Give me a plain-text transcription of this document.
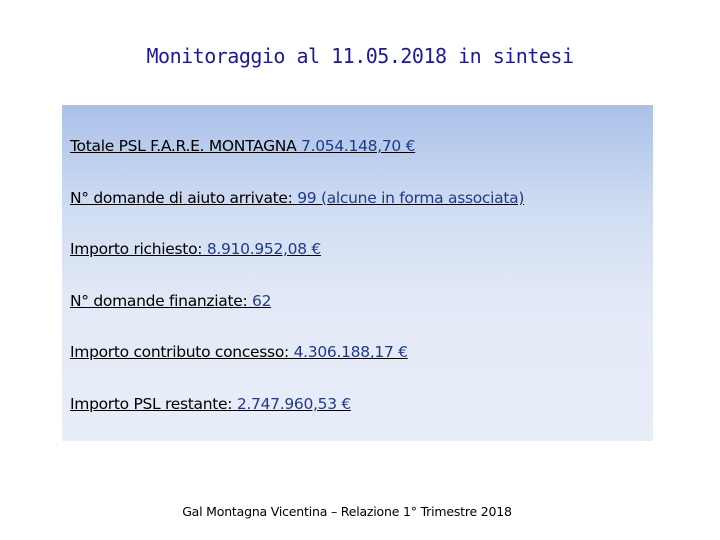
Monitoraggio al 11.05.2018 in sintesi
Totale PSL F.A.R.E. MONTAGNA 7.054.148,70 €
N° domande di aiuto arrivate: 99 (alcune in forma associata)
Importo richiesto: 8.910.952,08 €
N° domande finanziate: 62
Importo contributo concesso: 4.306.188,17 €
Importo PSL restante: 2.747.960,53 €
Gal Montagna Vicentina – Relazione 1° Trimestre 2018
